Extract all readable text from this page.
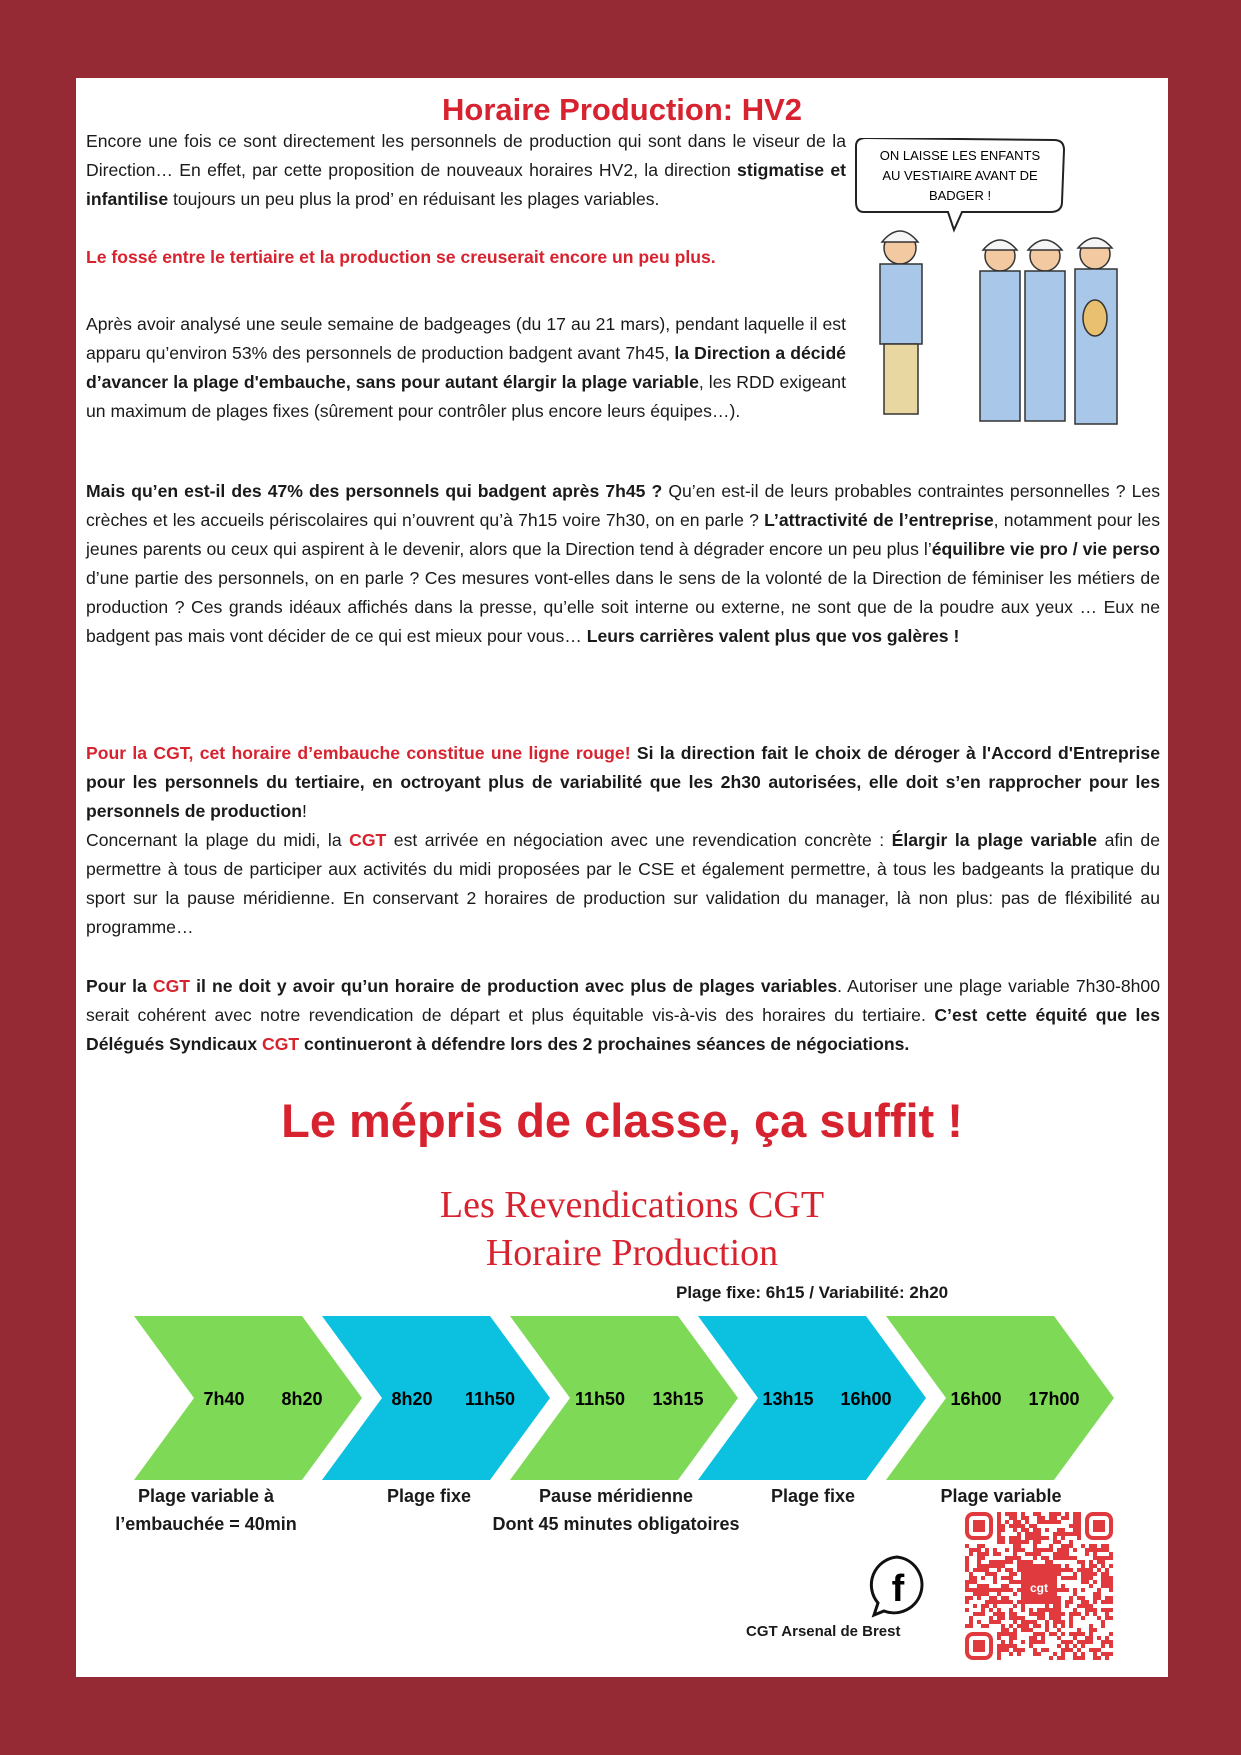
Horaire Production: HV2
ON LAISSE LES ENFANTS
AU VESTIAIRE AVANT DE
BADGER !
Encore une fois ce sont directement les personnels de production qui sont dans le viseur de la Direction… En effet, par cette proposition de nouveaux horaires HV2, la direction stigmatise et infantilise toujours un peu plus la prod’ en réduisant les plages variables.
Le fossé entre le tertiaire et la production se creuserait encore un peu plus.
Après avoir analysé une seule semaine de badgeages (du 17 au 21 mars), pendant laquelle il est apparu qu’environ 53% des personnels de production badgent avant 7h45, la Direction a décidé d’avancer la plage d'embauche, sans pour autant élargir la plage variable, les RDD exigeant un maximum de plages fixes (sûrement pour contrôler plus encore leurs équipes…).
Mais qu’en est-il des 47% des personnels qui badgent après 7h45 ? Qu’en est-il de leurs probables contraintes personnelles ? Les crèches et les accueils périscolaires qui n’ouvrent qu’à 7h15 voire 7h30, on en parle ? L’attractivité de l’entreprise, notamment pour les jeunes parents ou ceux qui aspirent à le devenir, alors que la Direction tend à dégrader encore un peu plus l’équilibre vie pro / vie perso d’une partie des personnels, on en parle ? Ces mesures vont-elles dans le sens de la volonté de la Direction de féminiser les métiers de production ? Ces grands idéaux affichés dans la presse, qu’elle soit interne ou externe, ne sont que de la poudre aux yeux … Eux ne badgent pas mais vont décider de ce qui est mieux pour vous… Leurs carrières valent plus que vos galères !
Pour la CGT, cet horaire d’embauche constitue une ligne rouge! Si la direction fait le choix de déroger à l'Accord d'Entreprise pour les personnels du tertiaire, en octroyant plus de variabilité que les 2h30 autorisées, elle doit s’en rapprocher pour les personnels de production!
Concernant la plage du midi, la CGT est arrivée en négociation avec une revendication concrète : Élargir la plage variable afin de permettre à tous de participer aux activités du midi proposées par le CSE et également permettre, à tous les badgeants la pratique du sport sur la pause méridienne. En conservant 2 horaires de production sur validation du manager, là non plus: pas de fléxibilité au programme…
Pour la CGT il ne doit y avoir qu’un horaire de production avec plus de plages variables. Autoriser une plage variable 7h30-8h00 serait cohérent avec notre revendication de départ et plus équitable vis-à-vis des horaires du tertiaire. C’est cette équité que les Délégués Syndicaux CGT continueront à défendre lors des 2 prochaines séances de négociations.
Le mépris de classe, ça suffit !
Les Revendications CGT
Horaire Production
Plage fixe: 6h15 / Variabilité: 2h20
7h40 8h20	8h20 11h50	11h50 13h15	13h15 16h00	16h00 17h00
Plage variable à
l’embauchée = 40min
Plage fixe	Pause méridienne
Dont 45 minutes obligatoires
Plage fixe	Plage variable
f
CGT Arsenal de Brest
cgt
